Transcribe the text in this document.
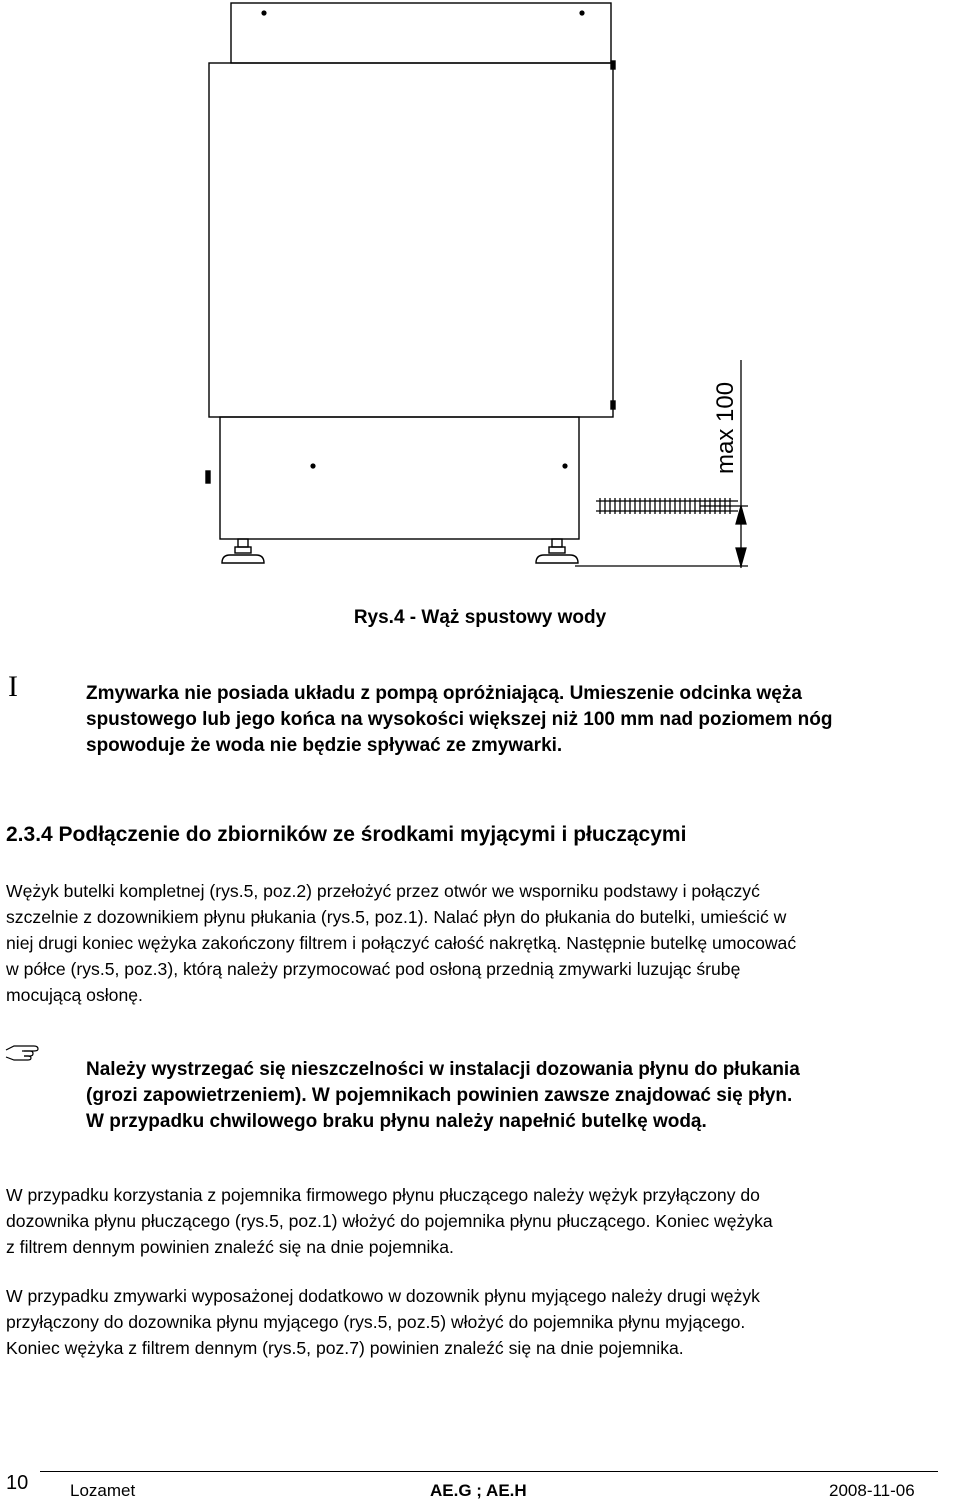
max 100
Rys.4 - Wąż spustowy wody
I	Zmywarka nie posiada układu z pompą opróżniającą. Umieszenie odcinka węża
spustowego lub jego końca na wysokości większej niż 100 mm nad poziomem nóg
spowoduje że woda nie będzie spływać ze zmywarki.
2.3.4 Podłączenie do zbiorników ze środkami myjącymi i płuczącymi
Wężyk butelki kompletnej (rys.5, poz.2) przełożyć przez otwór we wsporniku podstawy i połączyć
szczelnie z dozownikiem płynu płukania (rys.5, poz.1). Nalać płyn do płukania do butelki, umieścić w
niej drugi koniec wężyka zakończony filtrem i połączyć całość nakrętką. Następnie butelkę umocować
w półce (rys.5, poz.3), którą należy przymocować pod osłoną przednią zmywarki luzując śrubę
mocującą osłonę.
Należy wystrzegać się nieszczelności w instalacji dozowania płynu do płukania
(grozi zapowietrzeniem). W pojemnikach powinien zawsze znajdować się płyn.
W przypadku chwilowego braku płynu należy napełnić butelkę wodą.
W przypadku korzystania z pojemnika firmowego płynu płuczącego należy wężyk przyłączony do
dozownika płynu płuczącego (rys.5, poz.1) włożyć do pojemnika płynu płuczącego. Koniec wężyka
z filtrem dennym powinien znaleźć się na dnie pojemnika.
W przypadku zmywarki wyposażonej dodatkowo w dozownik płynu myjącego należy drugi wężyk
przyłączony do dozownika płynu myjącego (rys.5, poz.5) włożyć do pojemnika płynu myjącego.
Koniec wężyka z filtrem dennym (rys.5, poz.7) powinien znaleźć się na dnie pojemnika.
10 Lozamet	AE.G ; AE.H	2008-11-06
